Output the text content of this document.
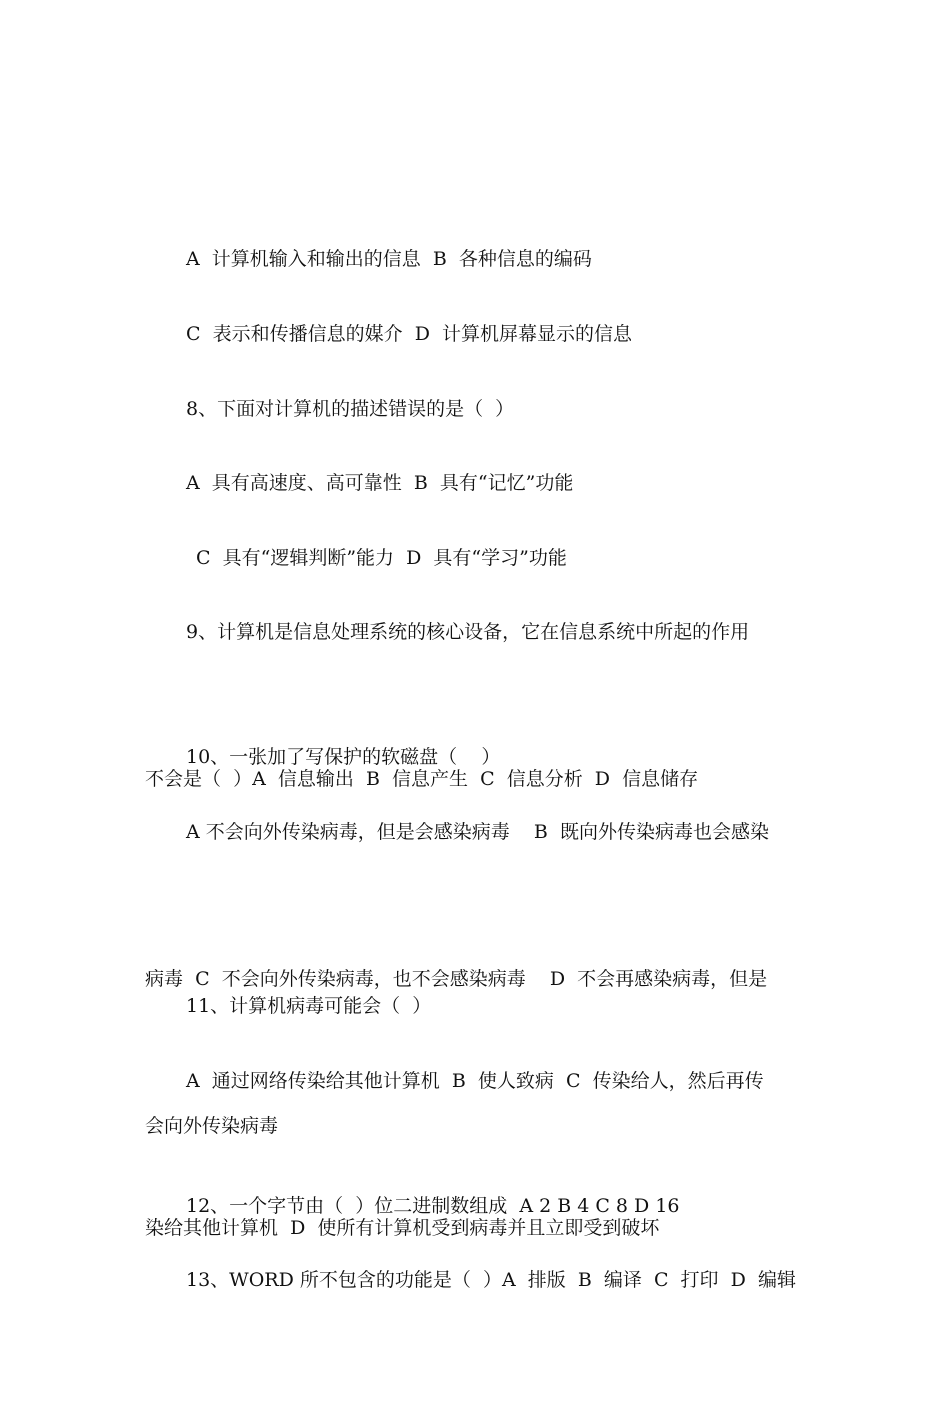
A  计算机输入和输出的信息  B  各种信息的编码

C  表示和传播信息的媒介  D  计算机屏幕显示的信息

8、下面对计算机的描述错误的是（  ）

A  具有高速度、高可靠性  B  具有“记忆”功能

C  具有“逻辑判断”能力  D  具有“学习”功能

9、计算机是信息处理系统的核心设备，它在信息系统中所起的作用

不会是（  ）A  信息输出  B  信息产生  C  信息分析  D  信息储存

10、一张加了写保护的软磁盘（    ）

A 不会向外传染病毒，但是会感染病毒    B  既向外传染病毒也会感染

病毒  C  不会向外传染病毒，也不会感染病毒    D  不会再感染病毒，但是

会向外传染病毒

11、计算机病毒可能会（  ）

A  通过网络传染给其他计算机  B  使人致病  C  传染给人，然后再传

染给其他计算机  D  使所有计算机受到病毒并且立即受到破坏

12、一个字节由（  ）位二进制数组成  A 2 B 4 C 8 D 16

13、WORD 所不包含的功能是（  ）A  排版  B  编译  C  打印  D  编辑
